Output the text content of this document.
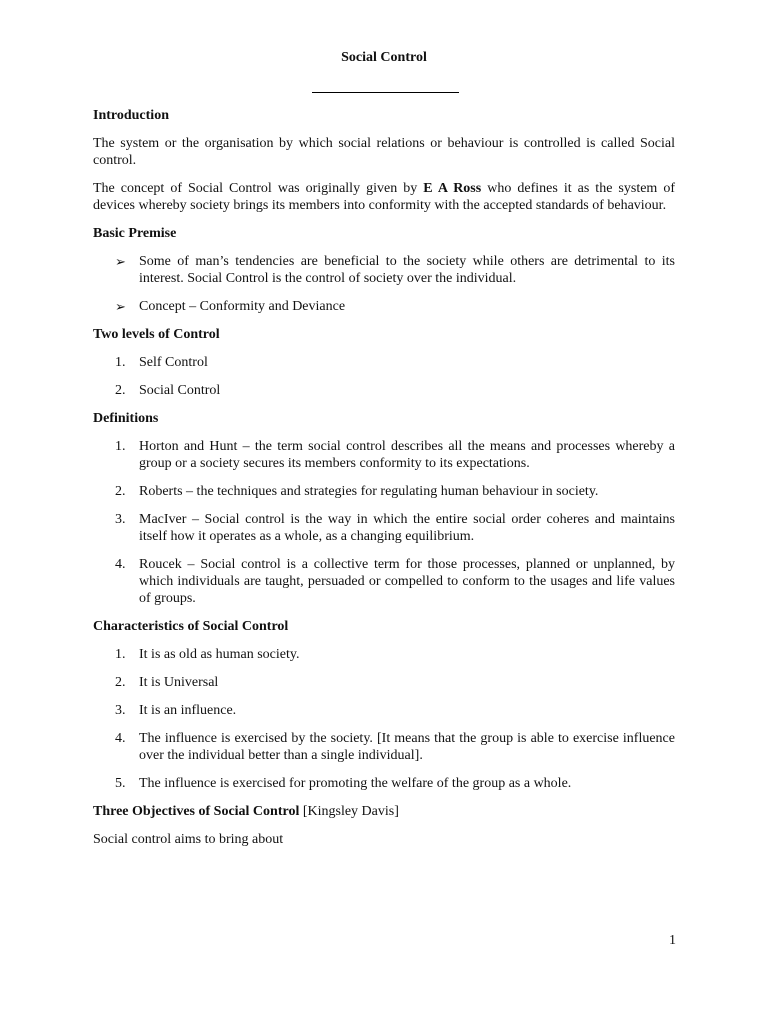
Social Control
Introduction

The system or the organisation by which social relations or behaviour is controlled is called Social control.

The concept of Social Control was originally given by E A Ross who defines it as the system of devices whereby society brings its members into conformity with the accepted standards of behaviour.

Basic Premise
➢ Some of man’s tendencies are beneficial to the society while others are detrimental to its interest. Social Control is the control of society over the individual.
➢ Concept – Conformity and Deviance
Two levels of Control
1. Self Control
2. Social Control
Definitions
1. Horton and Hunt – the term social control describes all the means and processes whereby a group or a society secures its members conformity to its expectations.
2. Roberts – the techniques and strategies for regulating human behaviour in society.
3. MacIver – Social control is the way in which the entire social order coheres and maintains itself how it operates as a whole, as a changing equilibrium.
4. Roucek – Social control is a collective term for those processes, planned or unplanned, by which individuals are taught, persuaded or compelled to conform to the usages and life values of groups.
Characteristics of Social Control
1. It is as old as human society.
2. It is Universal
3. It is an influence.
4. The influence is exercised by the society. [It means that the group is able to exercise influence over the individual better than a single individual].
5. The influence is exercised for promoting the welfare of the group as a whole.

Three Objectives of Social Control [Kingsley Davis]

Social control aims to bring about

1
